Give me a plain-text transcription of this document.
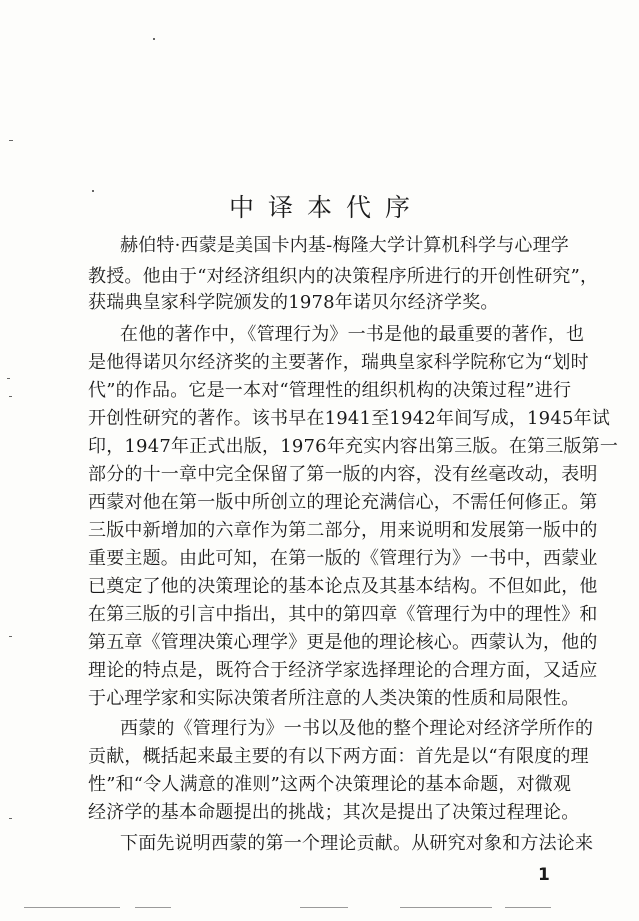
中译本代序
赫伯特·西蒙是美国卡内基-梅隆大学计算机科学与心理学
教授。他由于“对经济组织内的决策程序所进行的开创性研究”，
获瑞典皇家科学院颁发的1978年诺贝尔经济学奖。
在他的著作中，《管理行为》一书是他的最重要的著作，也
是他得诺贝尔经济奖的主要著作，瑞典皇家科学院称它为“划时
代”的作品。它是一本对“管理性的组织机构的决策过程”进行
开创性研究的著作。该书早在1941至1942年间写成，1945年试
印，1947年正式出版，1976年充实内容出第三版。在第三版第一
部分的十一章中完全保留了第一版的内容，没有丝毫改动，表明
西蒙对他在第一版中所创立的理论充满信心，不需任何修正。第
三版中新增加的六章作为第二部分，用来说明和发展第一版中的
重要主题。由此可知，在第一版的《管理行为》一书中，西蒙业
已奠定了他的决策理论的基本论点及其基本结构。不但如此，他
在第三版的引言中指出，其中的第四章《管理行为中的理性》和
第五章《管理决策心理学》更是他的理论核心。西蒙认为，他的
理论的特点是，既符合于经济学家选择理论的合理方面，又适应
于心理学家和实际决策者所注意的人类决策的性质和局限性。
西蒙的《管理行为》一书以及他的整个理论对经济学所作的
贡献，概括起来最主要的有以下两方面：首先是以“有限度的理
性”和“令人满意的准则”这两个决策理论的基本命题，对微观
经济学的基本命题提出的挑战；其次是提出了决策过程理论。
下面先说明西蒙的第一个理论贡献。从研究对象和方法论来
1
